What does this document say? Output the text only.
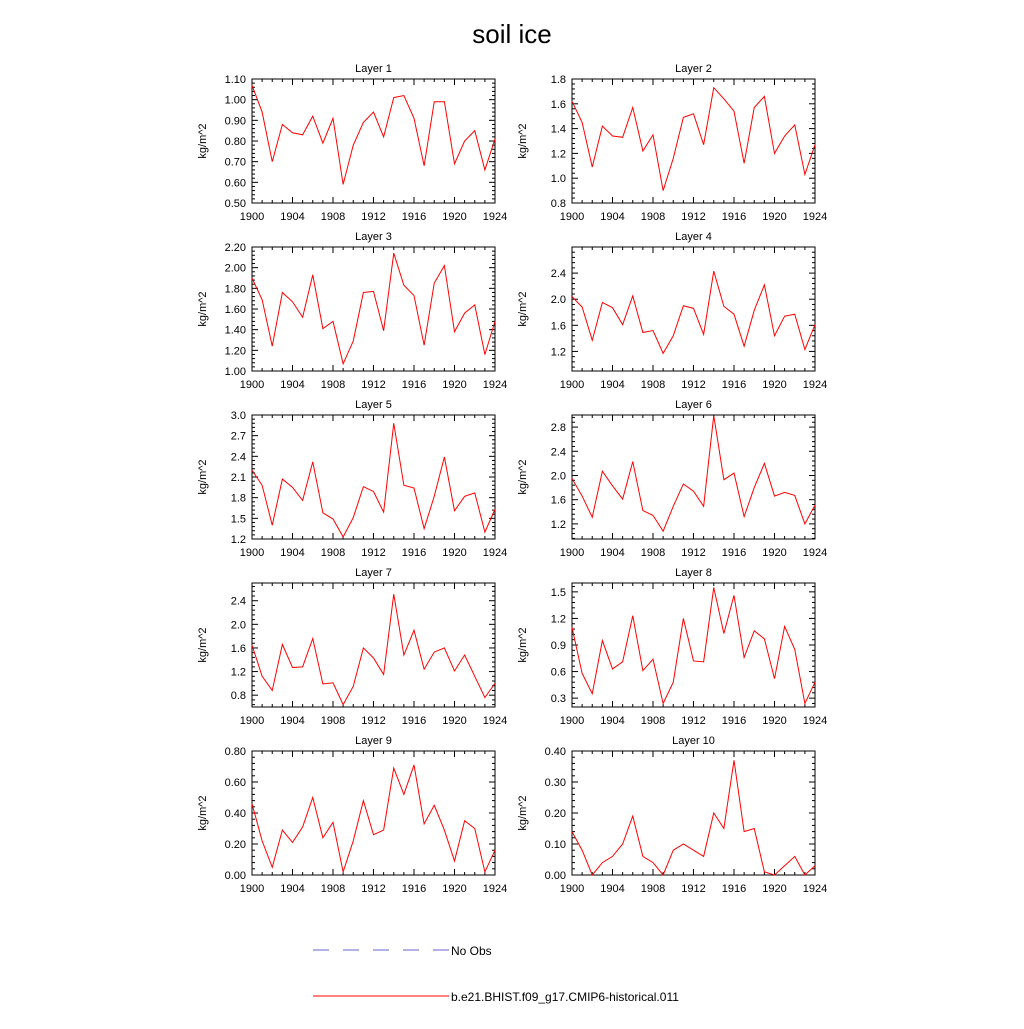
soil ice
Layer 1
1900 1904 1908 1912 1916 1920 1924
0.50
0.60
0.70
0.80
0.90
1.00
1.10
kg/m^2
Layer 2
1900 1904 1908 1912 1916 1920 1924
0.8
1.0
1.2
1.4
1.6
1.8
kg/m^2
Layer 3
1900 1904 1908 1912 1916 1920 1924
1.00
1.20
1.40
1.60
1.80
2.00
2.20
kg/m^2
Layer 4
1900 1904 1908 1912 1916 1920 1924
1.2
1.6
2.0
2.4
kg/m^2
Layer 5
1900 1904 1908 1912 1916 1920 1924
1.2
1.5
1.8
2.1
2.4
2.7
3.0
kg/m^2
Layer 6
1900 1904 1908 1912 1916 1920 1924
1.2
1.6
2.0
2.4
2.8
kg/m^2
Layer 7
1900 1904 1908 1912 1916 1920 1924
0.8
1.2
1.6
2.0
2.4
kg/m^2
Layer 8
1900 1904 1908 1912 1916 1920 1924
0.3
0.6
0.9
1.2
1.5
kg/m^2
Layer 9
1900 1904 1908 1912 1916 1920 1924
0.00
0.20
0.40
0.60
0.80
kg/m^2
Layer 10
1900 1904 1908 1912 1916 1920 1924
0.00
0.10
0.20
0.30
0.40
kg/m^2
No Obs
b.e21.BHIST.f09_g17.CMIP6-historical.011
